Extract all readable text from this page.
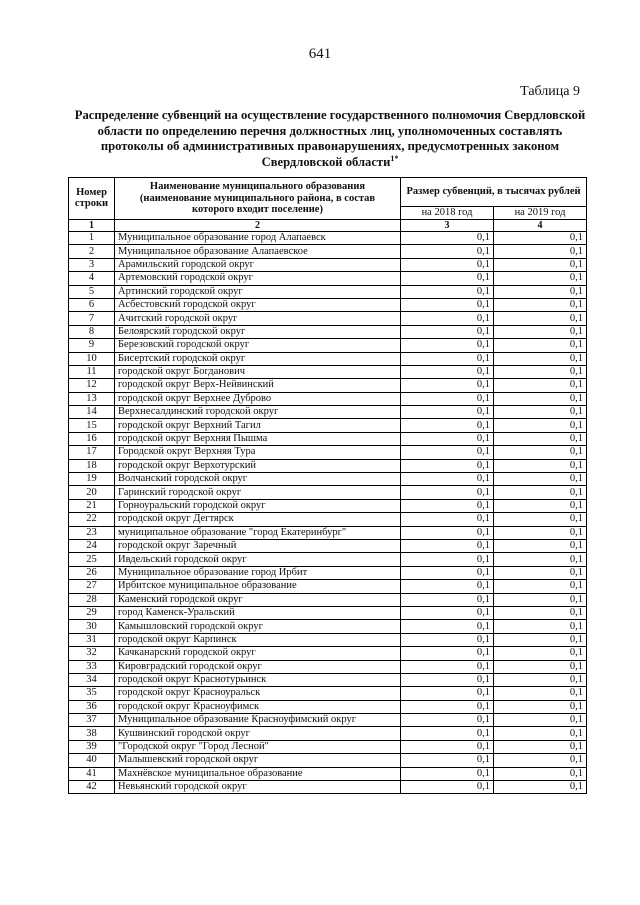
641
Таблица 9
Распределение субвенций на осуществление государственного полномочия Свердловской области по определению перечня должностных лиц, уполномоченных составлять протоколы об административных правонарушениях, предусмотренных законом Свердловской области$^{1*}$
Номер строки	Наименование муниципального образования (наименование муниципального района, в состав которого входит поселение)	Размер субвенций, в тысячах рублей	
		на 2018 год	на 2019 год
1	2	3	4
1	Муниципальное образование город Алапаевск	0,1	0,1
2	Муниципальное образование Алапаевское	0,1	0,1
3	Арамильский городской округ	0,1	0,1
4	Артемовский городской округ	0,1	0,1
5	Артинский городской округ	0,1	0,1
6	Асбестовский городской округ	0,1	0,1
7	Ачитский городской округ	0,1	0,1
8	Белоярский городской округ	0,1	0,1
9	Березовский городской округ	0,1	0,1
10	Бисертский городской округ	0,1	0,1
11	городской округ Богданович	0,1	0,1
12	городской округ Верх-Нейвинский	0,1	0,1
13	городской округ Верхнее Дуброво	0,1	0,1
14	Верхнесалдинский городской округ	0,1	0,1
15	городской округ Верхний Тагил	0,1	0,1
16	городской округ Верхняя Пышма	0,1	0,1
17	Городской округ Верхняя Тура	0,1	0,1
18	городской округ Верхотурский	0,1	0,1
19	Волчанский городской округ	0,1	0,1
20	Гаринский городской округ	0,1	0,1
21	Горноуральский городской округ	0,1	0,1
22	городской округ Дегтярск	0,1	0,1
23	муниципальное образование "город Екатеринбург"	0,1	0,1
24	городской округ Заречный	0,1	0,1
25	Ивдельский городской округ	0,1	0,1
26	Муниципальное образование город Ирбит	0,1	0,1
27	Ирбитское муниципальное образование	0,1	0,1
28	Каменский городской округ	0,1	0,1
29	город Каменск-Уральский	0,1	0,1
30	Камышловский городской округ	0,1	0,1
31	городской округ Карпинск	0,1	0,1
32	Качканарский городской округ	0,1	0,1
33	Кировградский городской округ	0,1	0,1
34	городской округ Краснотурьинск	0,1	0,1
35	городской округ Красноуральск	0,1	0,1
36	городской округ Красноуфимск	0,1	0,1
37	Муниципальное образование Красноуфимский округ	0,1	0,1
38	Кушвинский городской округ	0,1	0,1
39	"Городской округ "Город Лесной"	0,1	0,1
40	Малышевский городской округ	0,1	0,1
41	Махнёвское муниципальное образование	0,1	0,1
42	Невьянский городской округ	0,1	0,1
